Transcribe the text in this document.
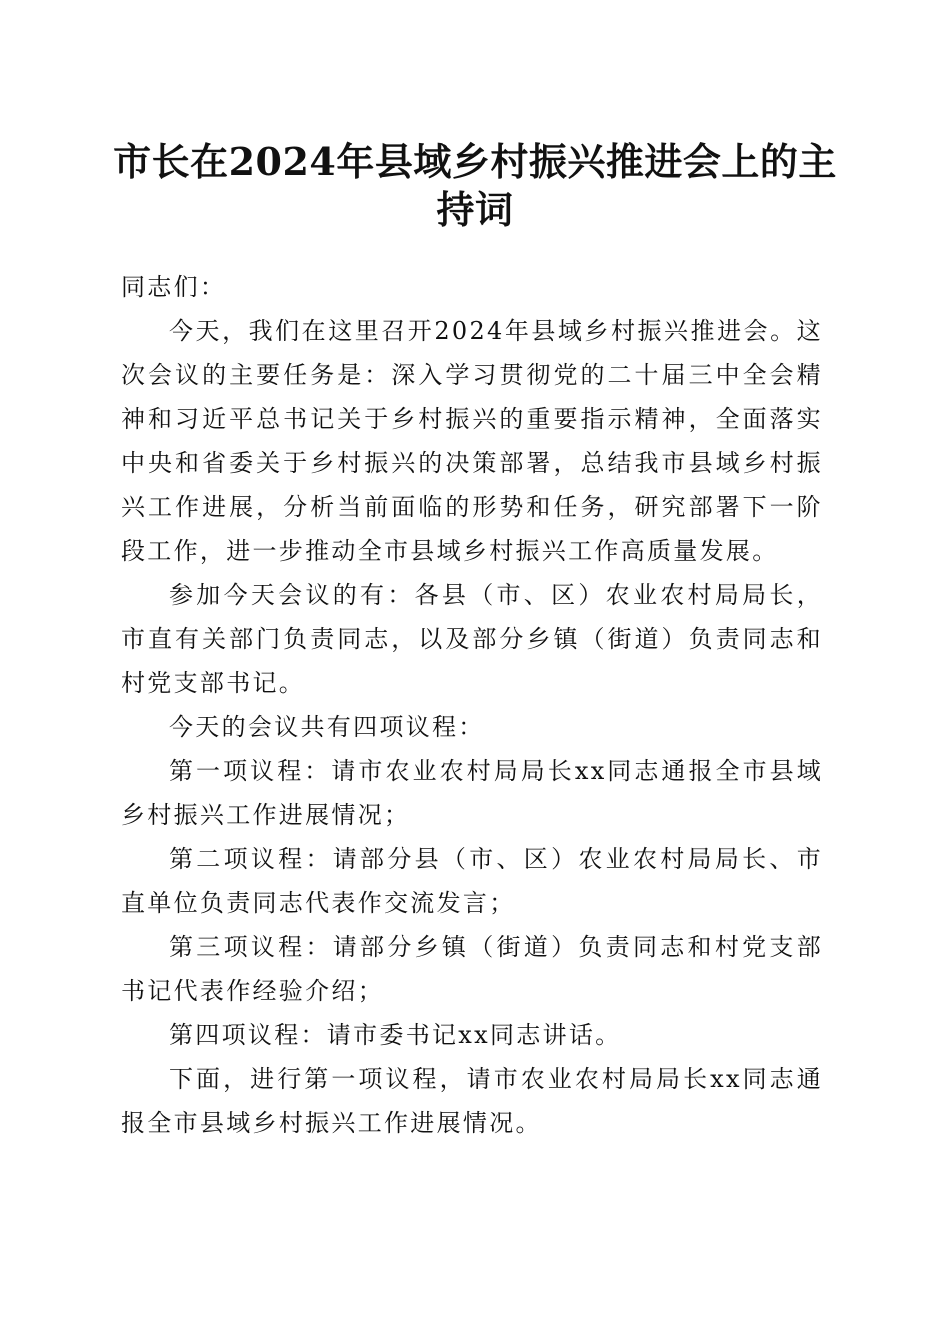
市长在2024年县域乡村振兴推进会上的主持词

同志们：

今天，我们在这里召开2024年县域乡村振兴推进会。这次会议的主要任务是：深入学习贯彻党的二十届三中全会精神和习近平总书记关于乡村振兴的重要指示精神，全面落实中央和省委关于乡村振兴的决策部署，总结我市县域乡村振兴工作进展，分析当前面临的形势和任务，研究部署下一阶段工作，进一步推动全市县域乡村振兴工作高质量发展。

参加今天会议的有：各县（市、区）农业农村局局长，市直有关部门负责同志，以及部分乡镇（街道）负责同志和村党支部书记。

今天的会议共有四项议程：

第一项议程：请市农业农村局局长xx同志通报全市县域乡村振兴工作进展情况；

第二项议程：请部分县（市、区）农业农村局局长、市直单位负责同志代表作交流发言；

第三项议程：请部分乡镇（街道）负责同志和村党支部书记代表作经验介绍；

第四项议程：请市委书记xx同志讲话。

下面，进行第一项议程，请市农业农村局局长xx同志通报全市县域乡村振兴工作进展情况。
